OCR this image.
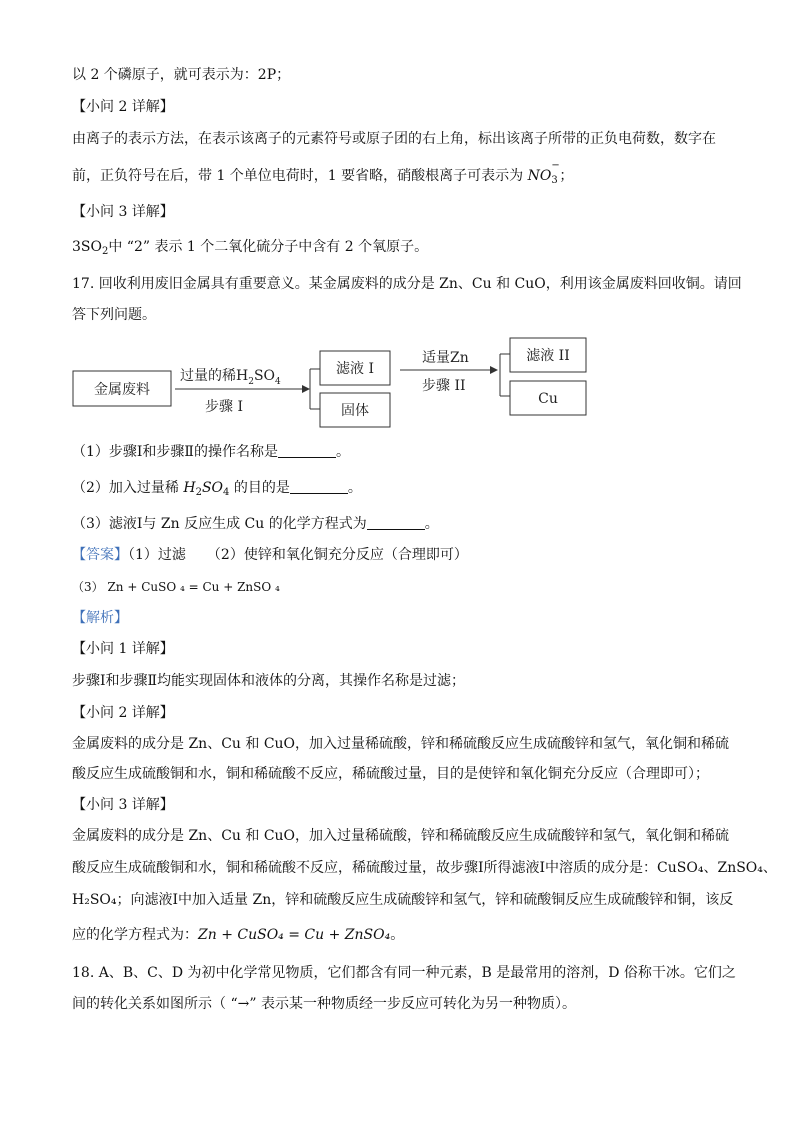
以 2 个磷原子，就可表示为：2P；
【小问 2 详解】
由离子的表示方法，在表示该离子的元素符号或原子团的右上角，标出该离子所带的正负电荷数，数字在
前，正负符号在后，带 1 个单位电荷时，1 要省略，硝酸根离子可表示为 NO
−
3 ；
【小问 3 详解】
$3SO_2$中 “2” 表示 1 个二氧化硫分子中含有 2 个氧原子。
17. 回收利用废旧金属具有重要意义。某金属废料的成分是 Zn、Cu 和 CuO，利用该金属废料回收铜。请回
答下列问题。
金属废料
过量的稀$H_2SO_4$
步骤 I
滤液 I
固体
适量Zn
步骤 II
滤液 II
Cu
（1）步骤Ⅰ和步骤Ⅱ的操作名称是	。
（2）加入过量稀 $H_2SO_4$ 的目的是	。
（3）滤液Ⅰ与 Zn 反应生成 Cu 的化学方程式为	。
【答案】（1）过滤　　（2）使锌和氧化铜充分反应（合理即可）
（3） Zn + CuSO ₄ = Cu + ZnSO ₄
【解析】
【小问 1 详解】
步骤Ⅰ和步骤Ⅱ均能实现固体和液体的分离，其操作名称是过滤；
【小问 2 详解】
金属废料的成分是 Zn、Cu 和 CuO，加入过量稀硫酸，锌和稀硫酸反应生成硫酸锌和氢气，氧化铜和稀硫
酸反应生成硫酸铜和水，铜和稀硫酸不反应，稀硫酸过量，目的是使锌和氧化铜充分反应（合理即可）；
【小问 3 详解】
金属废料的成分是 Zn、Cu 和 CuO，加入过量稀硫酸，锌和稀硫酸反应生成硫酸锌和氢气，氧化铜和稀硫
酸反应生成硫酸铜和水，铜和稀硫酸不反应，稀硫酸过量，故步骤Ⅰ所得滤液Ⅰ中溶质的成分是：CuSO₄、ZnSO₄、
H₂SO₄；向滤液Ⅰ中加入适量 Zn，锌和硫酸反应生成硫酸锌和氢气，锌和硫酸铜反应生成硫酸锌和铜，该反
应的化学方程式为：Zn + CuSO₄ = Cu + ZnSO₄。
18. A、B、C、D 为初中化学常见物质，它们都含有同一种元素，B 是最常用的溶剂，D 俗称干冰。它们之
间的转化关系如图所示（ “→” 表示某一种物质经一步反应可转化为另一种物质）。
